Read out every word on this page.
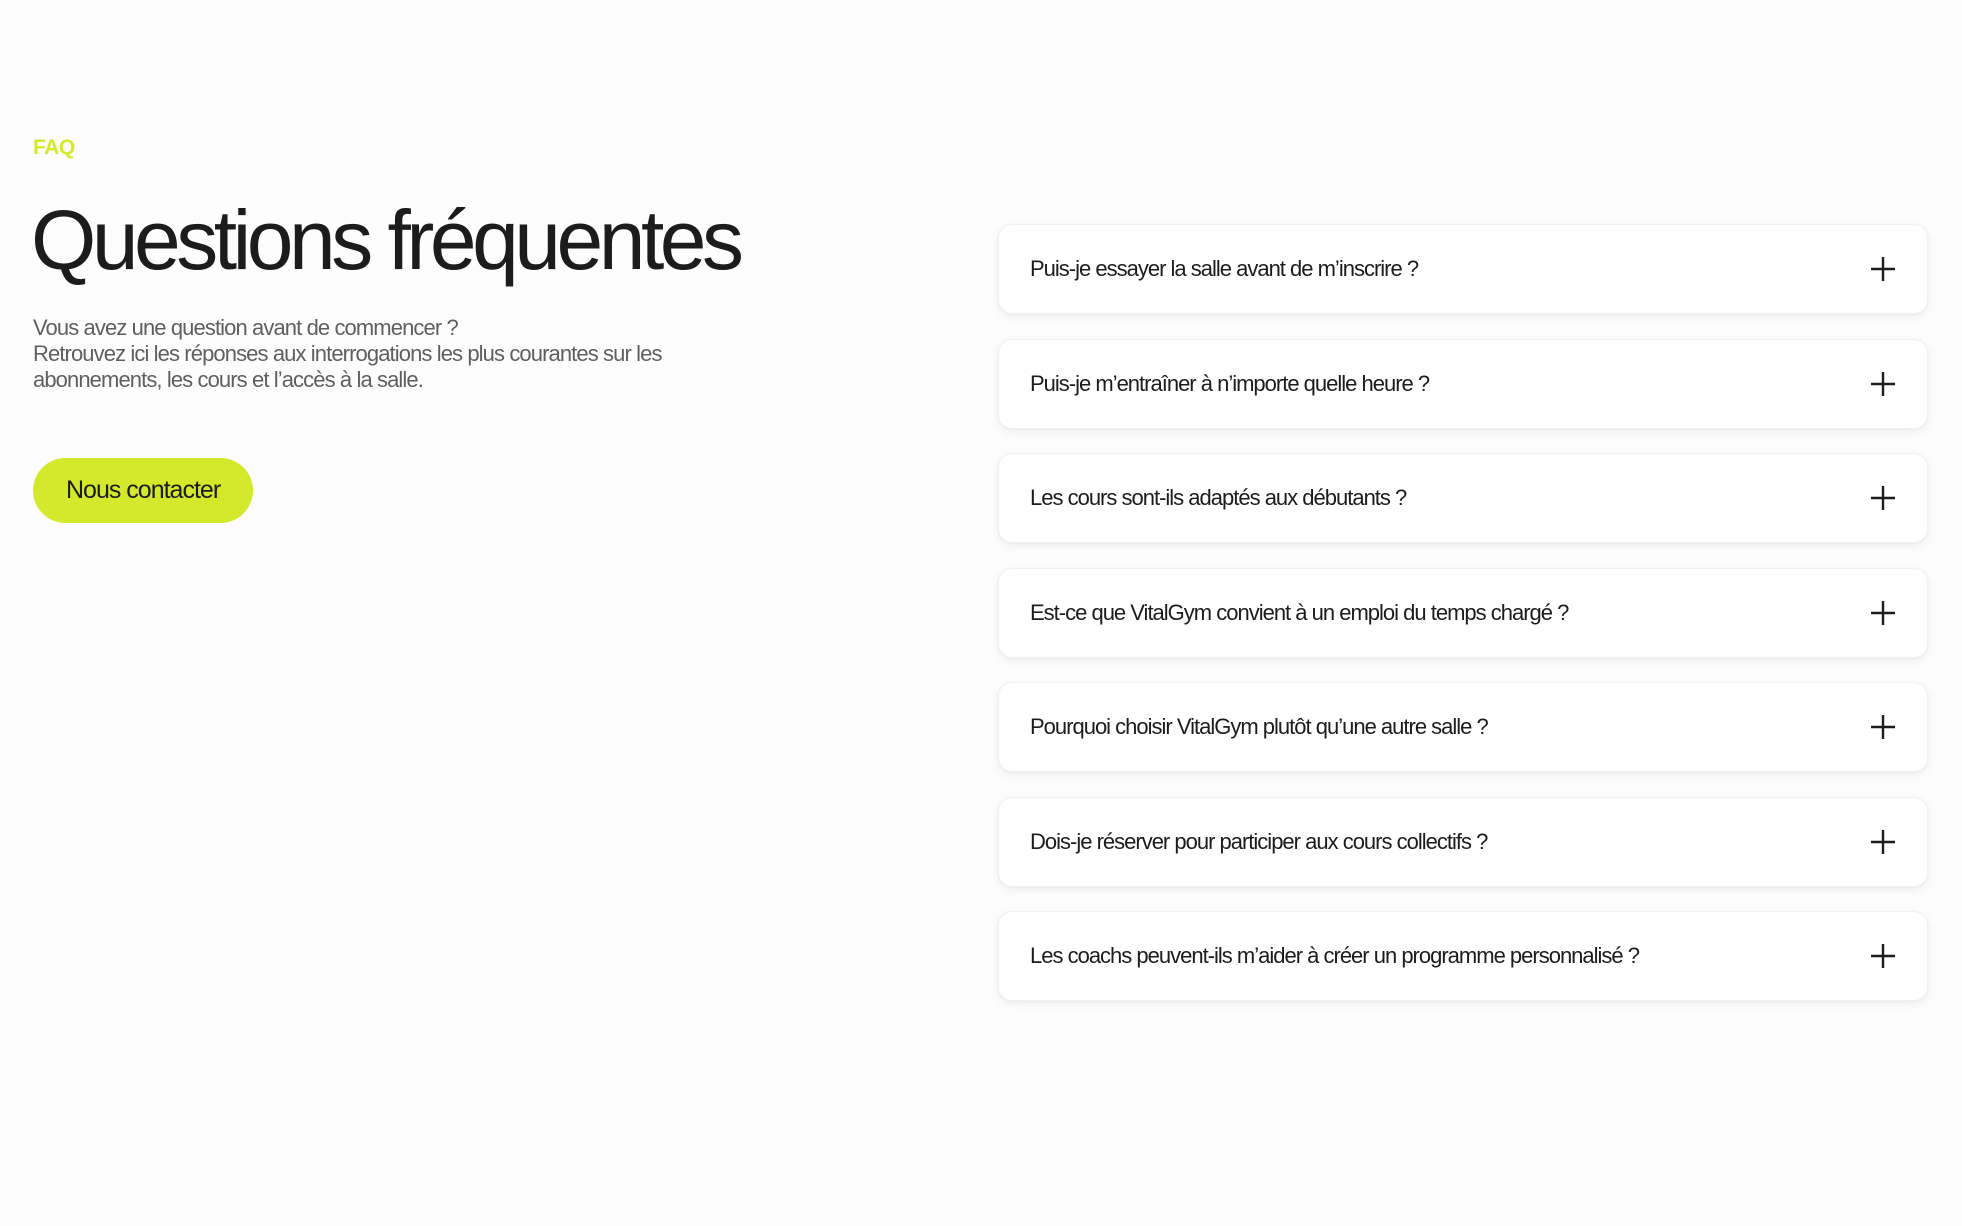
FAQ

Questions fréquentes

Vous avez une question avant de commencer ?
Retrouvez ici les réponses aux interrogations les plus courantes sur les
abonnements, les cours et l’accès à la salle.

Nous contacter
Puis-je essayer la salle avant de m’inscrire ?
Puis-je m’entraîner à n’importe quelle heure ?
Les cours sont-ils adaptés aux débutants ?
Est-ce que VitalGym convient à un emploi du temps chargé ?
Pourquoi choisir VitalGym plutôt qu’une autre salle ?
Dois-je réserver pour participer aux cours collectifs ?
Les coachs peuvent-ils m’aider à créer un programme personnalisé ?
